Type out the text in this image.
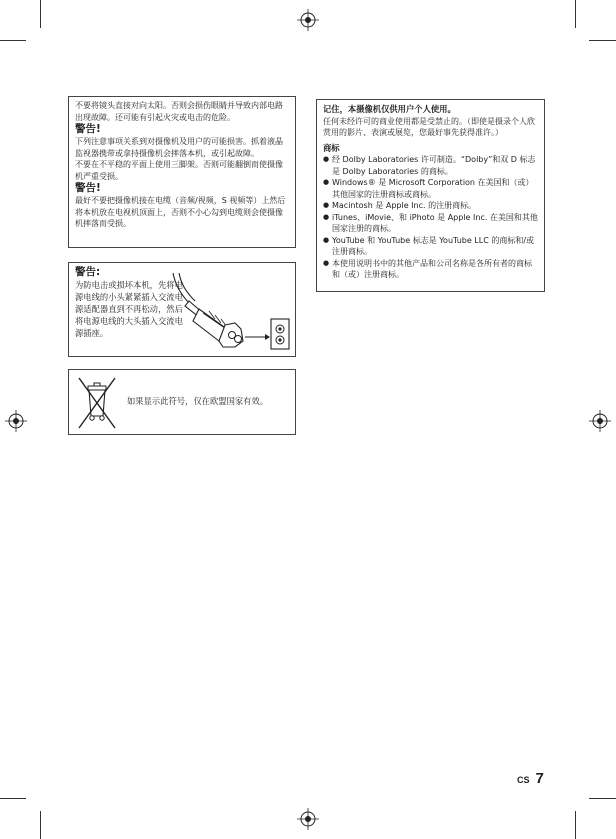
不要将镜头直接对向太阳。否则会损伤眼睛并导致内部电路出现故障。还可能有引起火灾或电击的危险。

警告!

下列注意事项关系到对摄像机及用户的可能损害。抓着液晶监视器携带或拿持摄像机会摔落本机，或引起故障。

不要在不平稳的平面上使用三脚架。否则可能翻倒而使摄像机严重受损。

警告!

最好不要把摄像机接在电缆（音频/视频，S 视频等）上然后将本机放在电视机顶面上，否则不小心勾到电缆则会使摄像机摔落而受损。

警告:

为防电击或损坏本机，先将电源电线的小头紧紧插入交流电源适配器直到不再松动，然后将电源电线的大头插入交流电源插座。

如果显示此符号，仅在欧盟国家有效。

记住，本摄像机仅供用户个人使用。

任何未经许可的商业使用都是受禁止的。（即使是摄录个人欣赏用的影片、表演或展览，您最好事先获得准许。）

商标

● 经 Dolby Laboratories 许可制造。“Dolby”和双 D 标志是 Dolby Laboratories 的商标。
● Windows® 是 Microsoft Corporation 在美国和（或）其他国家的注册商标或商标。
● Macintosh 是 Apple Inc. 的注册商标。
● iTunes、iMovie、和 iPhoto 是 Apple Inc. 在美国和其他国家注册的商标。
● YouTube 和 YouTube 标志是 YouTube LLC 的商标和/或注册商标。
● 本使用说明书中的其他产品和公司名称是各所有者的商标和（或）注册商标。
CS 7
